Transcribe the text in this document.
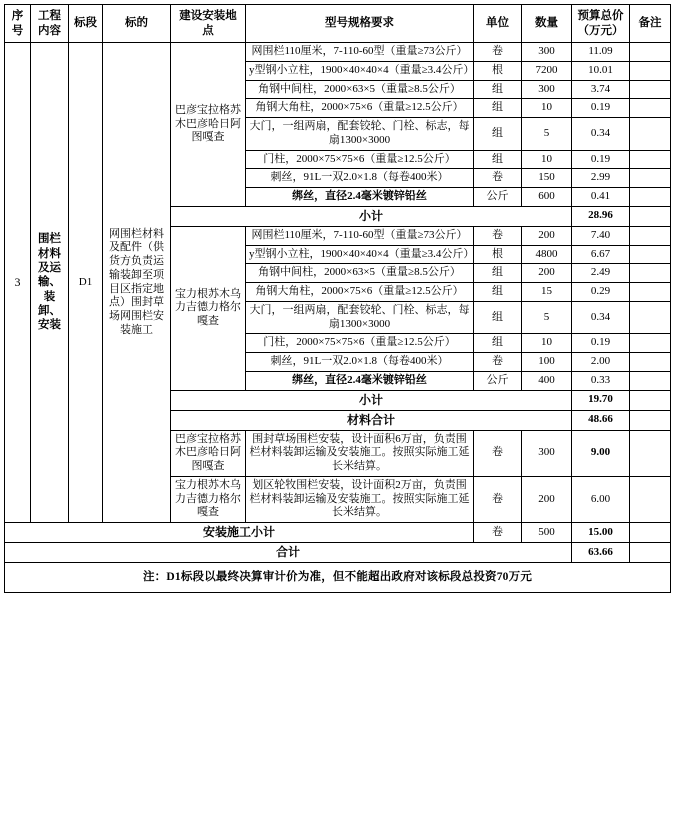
序号	工程内容	标段	标的	建设安装地点	型号规格要求	单位	数量	预算总价（万元）	备注
3	围栏材料及运输、装卸、安装	D1	网围栏材料及配件（供货方负责运输装卸至项目区指定地点）围封草场网围栏安装施工	巴彦宝拉格苏木巴彦哈日阿图嘎查	网围栏110厘米，7-110-60型（重量≥73公斤）	卷	300	11.09	
					y型钢小立柱，1900×40×40×4（重量≥3.4公斤）	根	7200	10.01	
					角钢中间柱，2000×63×5（重量≥8.5公斤）	组	300	3.74	
					角钢大角柱，2000×75×6（重量≥12.5公斤）	组	10	0.19	
					大门，一组两扇，配套铰轮、门栓、标志，每扇1300×3000	组	5	0.34	
					门柱，2000×75×75×6（重量≥12.5公斤）	组	10	0.19	
					刺丝，91L一双2.0×1.8（每卷400米）	卷	150	2.99	
					绑丝，直径2.4毫米镀锌铅丝	公斤	600	0.41	
				小计				28.96	
				宝力根苏木乌力吉德力格尔嘎查	网围栏110厘米，7-110-60型（重量≥73公斤）	卷	200	7.40	
					y型钢小立柱，1900×40×40×4（重量≥3.4公斤）	根	4800	6.67	
					角钢中间柱，2000×63×5（重量≥8.5公斤）	组	200	2.49	
					角钢大角柱，2000×75×6（重量≥12.5公斤）	组	15	0.29	
					大门，一组两扇，配套铰轮、门栓、标志，每扇1300×3000	组	5	0.34	
					门柱，2000×75×75×6（重量≥12.5公斤）	组	10	0.19	
					刺丝，91L一双2.0×1.8（每卷400米）	卷	100	2.00	
					绑丝，直径2.4毫米镀锌铅丝	公斤	400	0.33	
				小计				19.70	
				材料合计				48.66	
				巴彦宝拉格苏木巴彦哈日阿图嘎查	围封草场围栏安装，设计面积6万亩，负责围栏材料装卸运输及安装施工。按照实际施工延长米结算。	卷	300	9.00	
				宝力根苏木乌力吉德力格尔嘎查	划区轮牧围栏安装，设计面积2万亩，负责围栏材料装卸运输及安装施工。按照实际施工延长米结算。	卷	200	6.00	
安装施工小计						卷	500	15.00	
合计								63.66	
注：D1标段以最终决算审计价为准，但不能超出政府对该标段总投资70万元									
